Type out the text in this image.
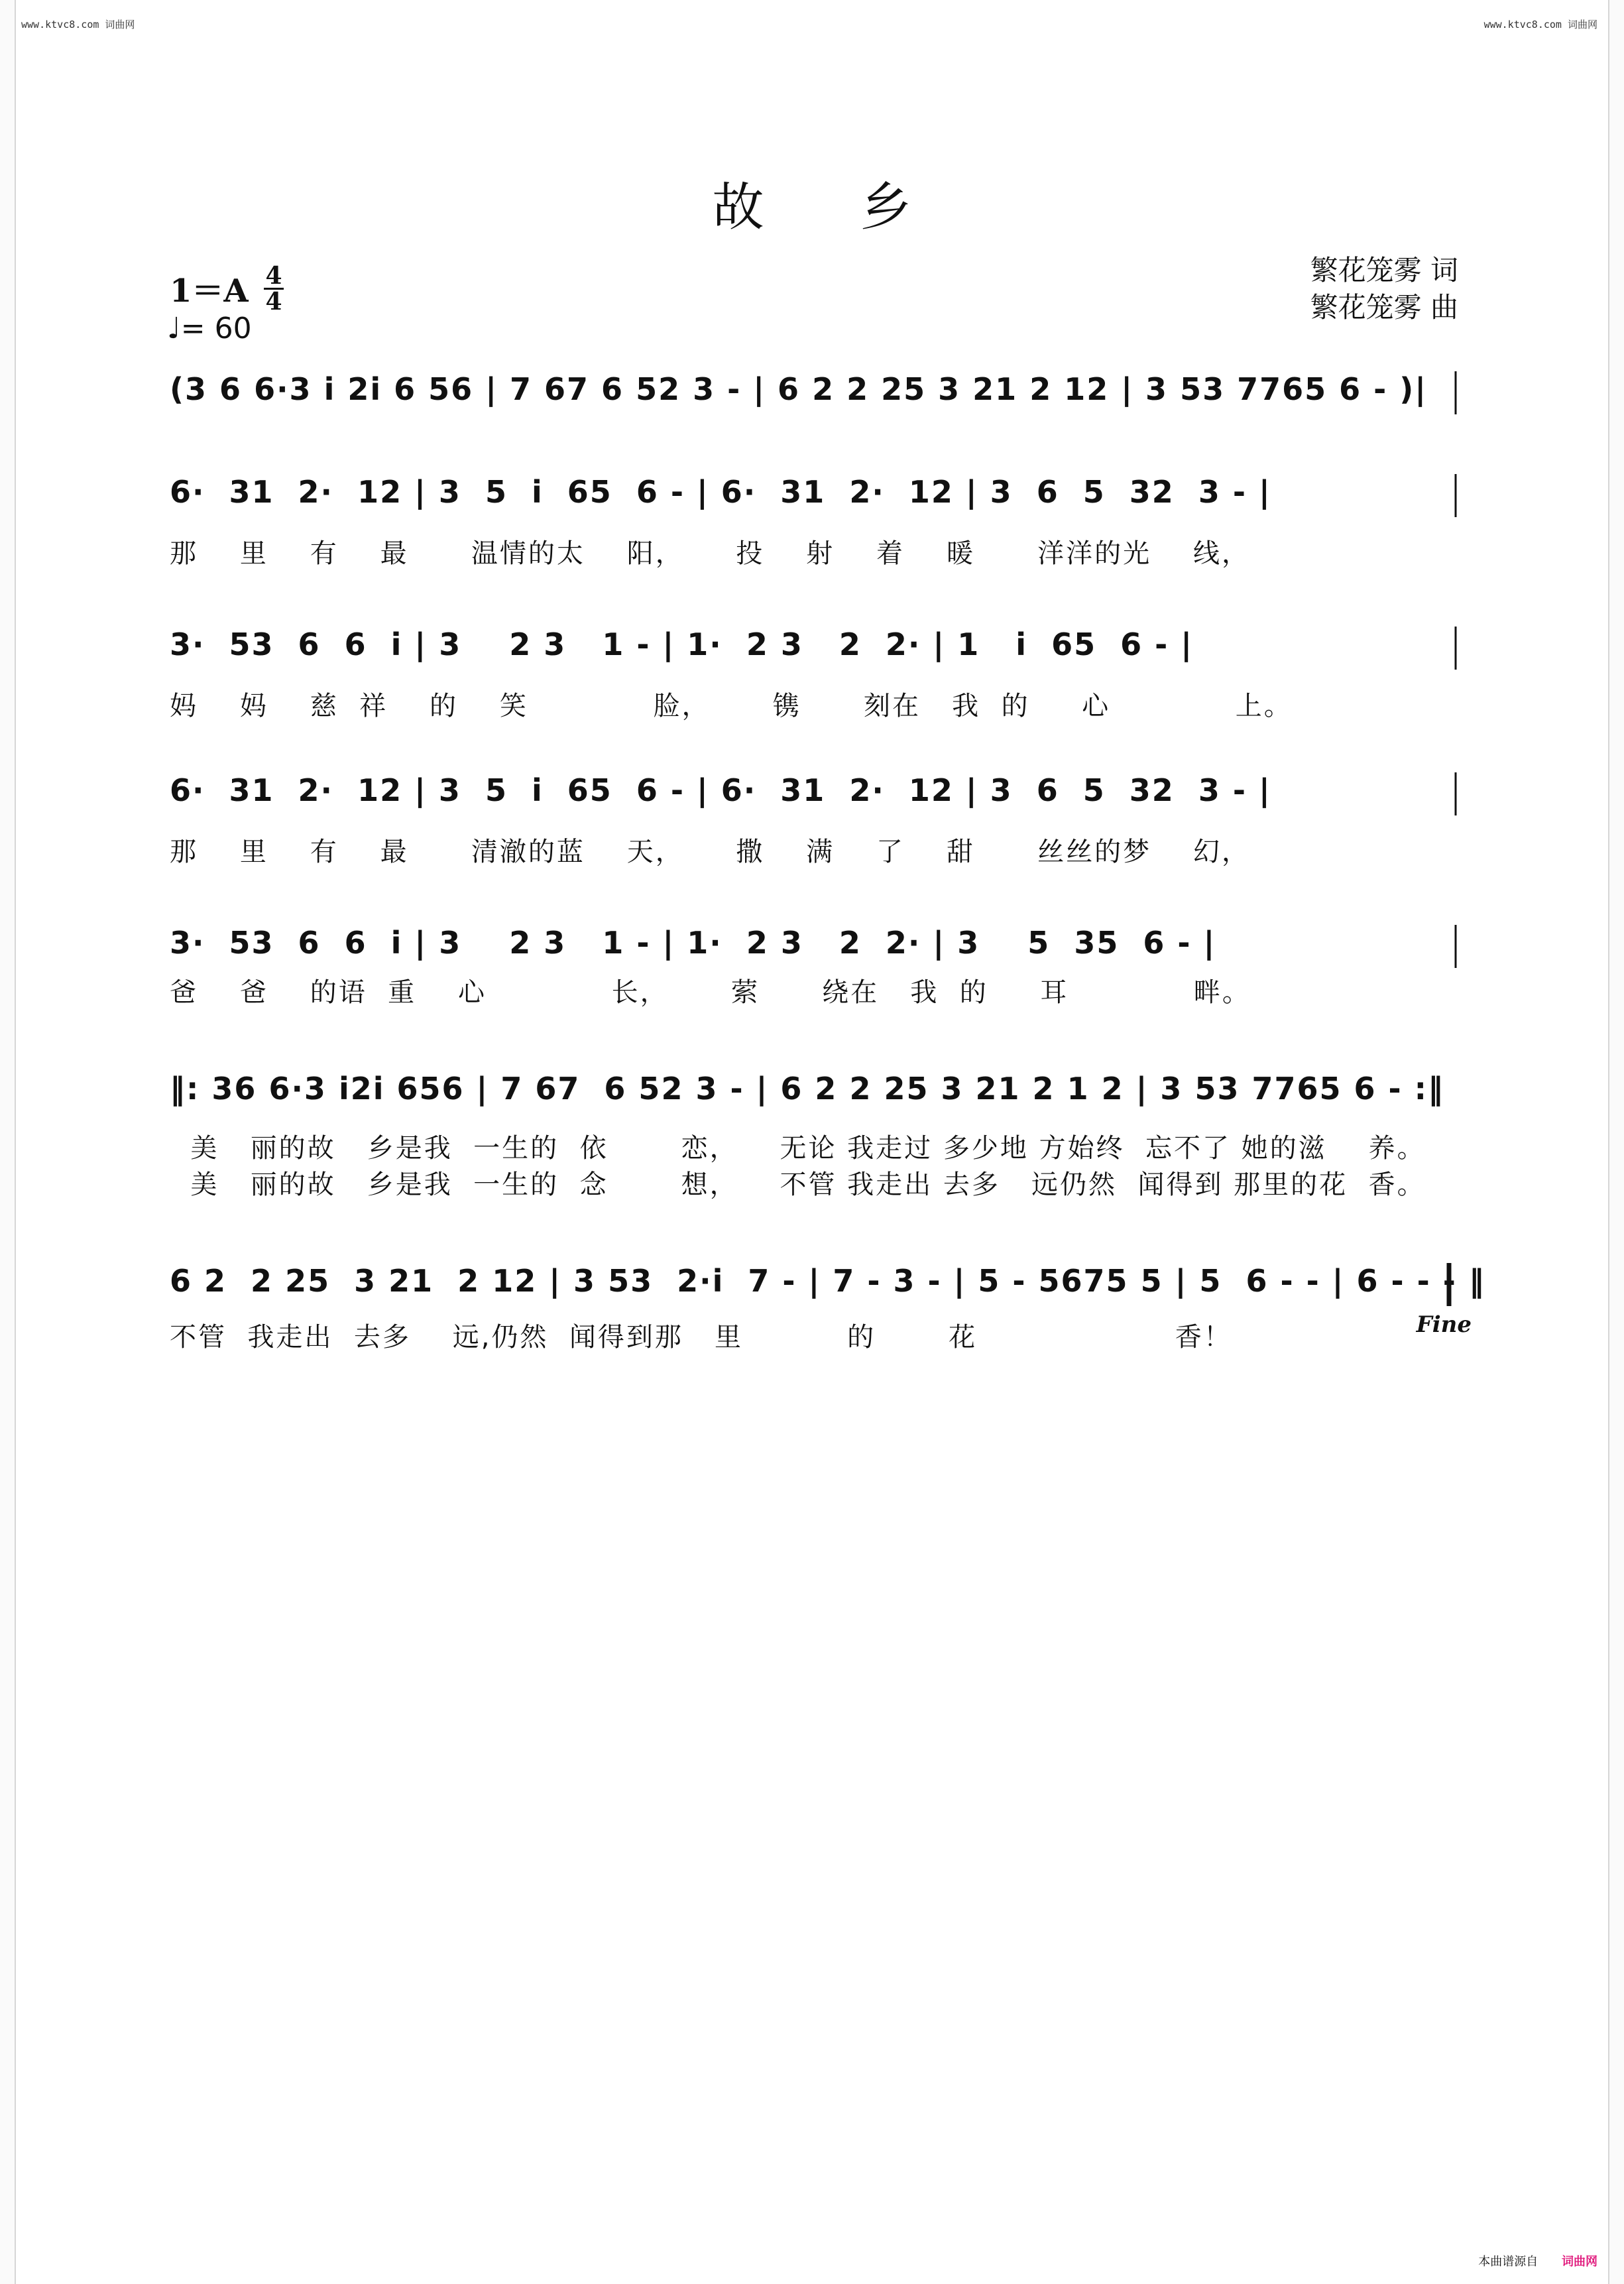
www.ktvc8.com 词曲网	www.ktvc8.com 词曲网
故 乡
繁花笼雾 词
繁花笼雾 曲
1＝A 4
4
♩= 60
(3 6 6·3 i 2i 6 56 | 7 67 6 52 3 - | 6 2 2 25 3 21 2 12 | 3 53 7765 6 - )|
6·  31  2·  12 | 3  5  i  65  6 - | 6·  31  2·  12 | 3  6  5  32  3 - |
那    里    有    最      温情的太    阳，     投    射    着    暖      洋洋的光    线，
3·  53  6  6  i | 3    2 3   1 - | 1·  2 3   2  2· | 1   i  65  6 - |
妈    妈    慈  祥    的    笑            脸，      镌      刻在   我  的     心            上。
6·  31  2·  12 | 3  5  i  65  6 - | 6·  31  2·  12 | 3  6  5  32  3 - |
那    里    有    最      清澈的蓝    天，     撒    满    了    甜      丝丝的梦    幻，
3·  53  6  6  i | 3    2 3   1 - | 1·  2 3   2  2· | 3    5  35  6 - |
爸    爸    的语  重    心            长，      萦      绕在   我  的     耳            畔。
‖: 36 6·3 i2i 656 | 7 67  6 52 3 - | 6 2 2 25 3 21 2 1 2 | 3 53 7765 6 - :‖
美   丽的故   乡是我  一生的  依       恋，    无论 我走过 多少地 方始终  忘不了 她的滋    养。
美   丽的故   乡是我  一生的  念       想，    不管 我走出 去多   远仍然  闻得到 那里的花  香。
6 2  2 25  3 21  2 12 | 3 53  2·i  7 - | 7 - 3 - | 5 - 5675 5 | 5  6 - - | 6 - - - ‖
不管  我走出  去多    远,仍然  闻得到那   里          的       花                   香！	Fine
本曲谱源自 词曲网
